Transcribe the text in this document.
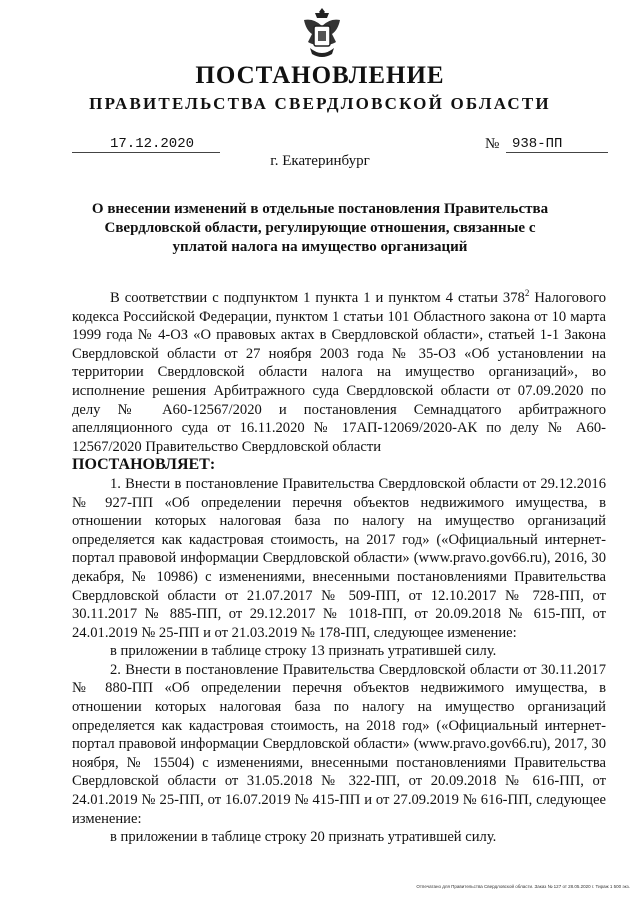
ПОСТАНОВЛЕНИЕ
ПРАВИТЕЛЬСТВА СВЕРДЛОВСКОЙ ОБЛАСТИ
17.12.2020	№ 938-ПП
г. Екатеринбург
О внесении изменений в отдельные постановления Правительства Свердловской области, регулирующие отношения, связанные с уплатой налога на имущество организаций

В соответствии с подпунктом 1 пункта 1 и пунктом 4 статьи $378^2$ Налогового кодекса Российской Федерации, пунктом 1 статьи 101 Областного закона от 10 марта 1999 года № 4-ОЗ «О правовых актах в Свердловской области», статьей 1-1 Закона Свердловской области от 27 ноября 2003 года № 35-ОЗ «Об установлении на территории Свердловской области налога на имущество организаций», во исполнение решения Арбитражного суда Свердловской области от 07.09.2020 по делу № А60-12567/2020 и постановления Семнадцатого арбитражного апелляционного суда от 16.11.2020 № 17АП-12069/2020-АК по делу № А60-12567/2020 Правительство Свердловской области

ПОСТАНОВЛЯЕТ:

1. Внести в постановление Правительства Свердловской области от 29.12.2016 № 927-ПП «Об определении перечня объектов недвижимого имущества, в отношении которых налоговая база по налогу на имущество организаций определяется как кадастровая стоимость, на 2017 год» («Официальный интернет-портал правовой информации Свердловской области» (www.pravo.gov66.ru), 2016, 30 декабря, № 10986) с изменениями, внесенными постановлениями Правительства Свердловской области от 21.07.2017 № 509-ПП, от 12.10.2017 № 728-ПП, от 30.11.2017 № 885-ПП, от 29.12.2017 № 1018-ПП, от 20.09.2018 № 615-ПП, от 24.01.2019 № 25-ПП и от 21.03.2019 № 178-ПП, следующее изменение:

в приложении в таблице строку 13 признать утратившей силу.

2. Внести в постановление Правительства Свердловской области от 30.11.2017 № 880-ПП «Об определении перечня объектов недвижимого имущества, в отношении которых налоговая база по налогу на имущество организаций определяется как кадастровая стоимость, на 2018 год» («Официальный интернет-портал правовой информации Свердловской области» (www.pravo.gov66.ru), 2017, 30 ноября, № 15504) с изменениями, внесенными постановлениями Правительства Свердловской области от 31.05.2018 № 322-ПП, от 20.09.2018 № 616-ПП, от 24.01.2019 № 25-ПП, от 16.07.2019 № 415-ПП и от 27.09.2019 № 616-ПП, следующее изменение:

в приложении в таблице строку 20 признать утратившей силу.

Отпечатано для Правительства Свердловской области. Заказ № 127 от 28.05.2020 г. Тираж 1 500 экз.
